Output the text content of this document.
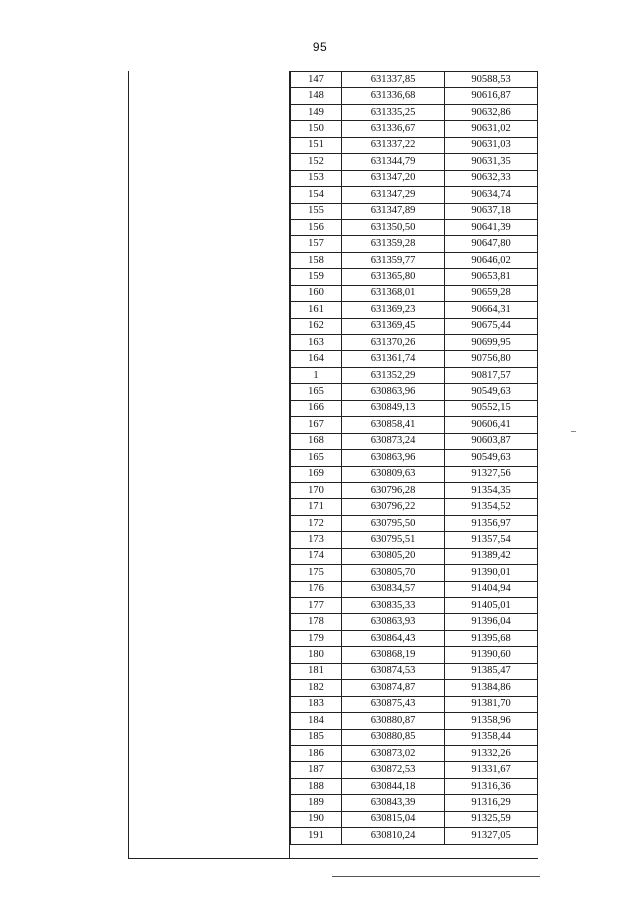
95
147	631337,85	90588,53
148	631336,68	90616,87
149	631335,25	90632,86
150	631336,67	90631,02
151	631337,22	90631,03
152	631344,79	90631,35
153	631347,20	90632,33
154	631347,29	90634,74
155	631347,89	90637,18
156	631350,50	90641,39
157	631359,28	90647,80
158	631359,77	90646,02
159	631365,80	90653,81
160	631368,01	90659,28
161	631369,23	90664,31
162	631369,45	90675,44
163	631370,26	90699,95
164	631361,74	90756,80
1	631352,29	90817,57
165	630863,96	90549,63
166	630849,13	90552,15
167	630858,41	90606,41
168	630873,24	90603,87
165	630863,96	90549,63
169	630809,63	91327,56
170	630796,28	91354,35
171	630796,22	91354,52
172	630795,50	91356,97
173	630795,51	91357,54
174	630805,20	91389,42
175	630805,70	91390,01
176	630834,57	91404,94
177	630835,33	91405,01
178	630863,93	91396,04
179	630864,43	91395,68
180	630868,19	91390,60
181	630874,53	91385,47
182	630874,87	91384,86
183	630875,43	91381,70
184	630880,87	91358,96
185	630880,85	91358,44
186	630873,02	91332,26
187	630872,53	91331,67
188	630844,18	91316,36
189	630843,39	91316,29
190	630815,04	91325,59
191	630810,24	91327,05
